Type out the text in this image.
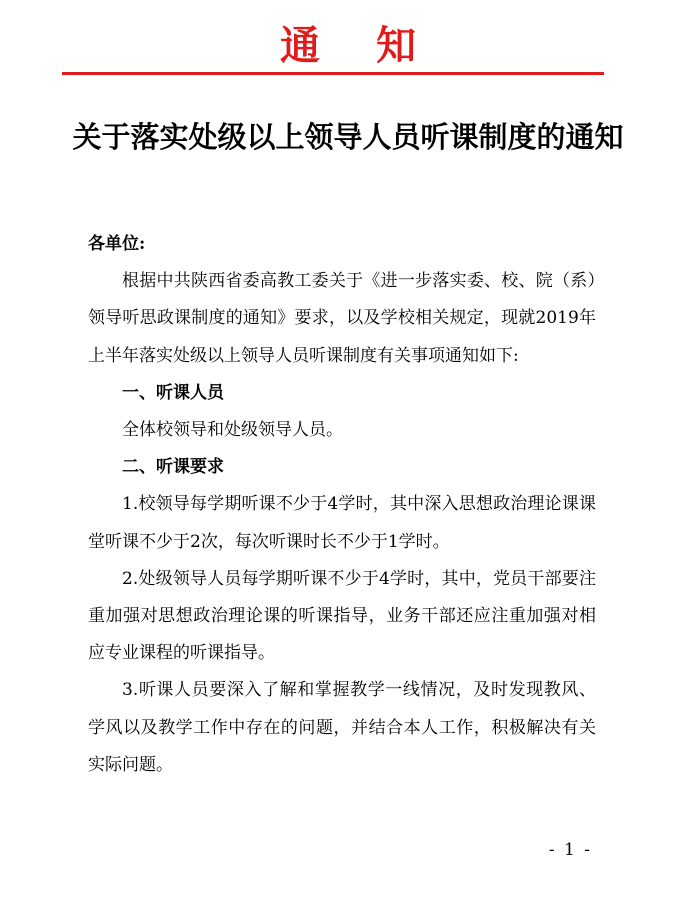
通知
关于落实处级以上领导人员听课制度的通知

各单位:

根据中共陕西省委高教工委关于《进一步落实委、校、院（系）领导听思政课制度的通知》要求，以及学校相关规定，现就2019年上半年落实处级以上领导人员听课制度有关事项通知如下:

一、听课人员

全体校领导和处级领导人员。

二、听课要求

1.校领导每学期听课不少于4学时，其中深入思想政治理论课课堂听课不少于2次，每次听课时长不少于1学时。

2.处级领导人员每学期听课不少于4学时，其中，党员干部要注重加强对思想政治理论课的听课指导，业务干部还应注重加强对相应专业课程的听课指导。

3.听课人员要深入了解和掌握教学一线情况，及时发现教风、学风以及教学工作中存在的问题，并结合本人工作，积极解决有关实际问题。

- 1 -
